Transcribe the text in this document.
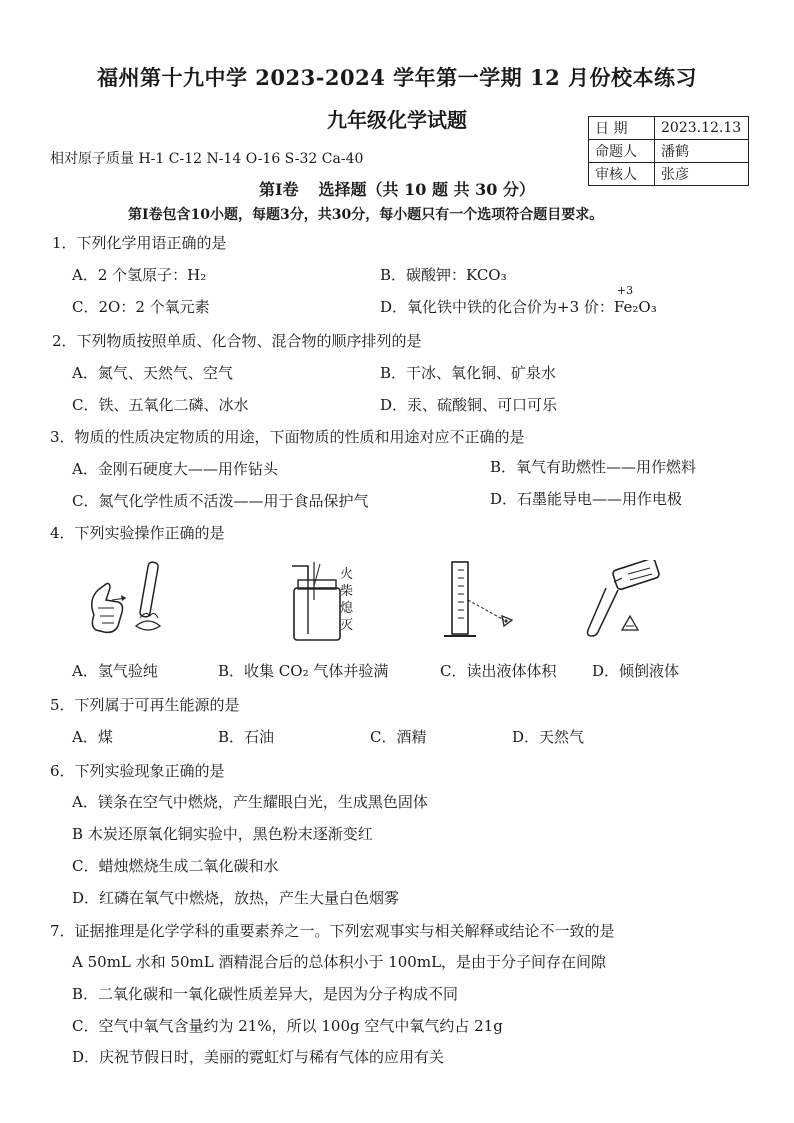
福州第十九中学 2023-2024 学年第一学期 12 月份校本练习
九年级化学试题	日 期	2023.12.13
命题人	潘鹤
审核人	张彦
相对原子质量 H-1 C-12 N-14 O-16 S-32 Ca-40
第Ⅰ卷 选择题（共 10 题 共 30 分）
第Ⅰ卷包含10小题，每题3分，共30分，每小题只有一个选项符合题目要求。
1．下列化学用语正确的是
A．2 个氢原子：H₂	B．碳酸钾：KCO₃
C．2O：2 个氧元素	D．氧化铁中铁的化合价为+3 价：
+3
Fe₂O₃
2．下列物质按照单质、化合物、混合物的顺序排列的是
A．氮气、天然气、空气	B．干冰、氧化铜、矿泉水
C．铁、五氧化二磷、冰水	D．汞、硫酸铜、可口可乐
3．物质的性质决定物质的用途，下面物质的性质和用途对应不正确的是
A．金刚石硬度大——用作钻头	B．氧气有助燃性——用作燃料
C．氮气化学性质不活泼——用于食品保护气	D．石墨能导电——用作电极
4．下列实验操作正确的是
火柴熄灭
A．氢气验纯	B．收集 CO₂ 气体并验满	C．读出液体体积 D．倾倒液体
5．下列属于可再生能源的是
A．煤	B．石油	C．酒精	D．天然气
6．下列实验现象正确的是
A．镁条在空气中燃烧，产生耀眼白光，生成黑色固体
B 木炭还原氧化铜实验中，黑色粉末逐渐变红
C．蜡烛燃烧生成二氧化碳和水
D．红磷在氧气中燃烧，放热，产生大量白色烟雾
7．证据推理是化学学科的重要素养之一。下列宏观事实与相关解释或结论不一致的是
A 50mL 水和 50mL 酒精混合后的总体积小于 100mL，是由于分子间存在间隙
B．二氧化碳和一氧化碳性质差异大，是因为分子构成不同
C．空气中氧气含量约为 21%，所以 100g 空气中氧气约占 21g
D．庆祝节假日时，美丽的霓虹灯与稀有气体的应用有关
